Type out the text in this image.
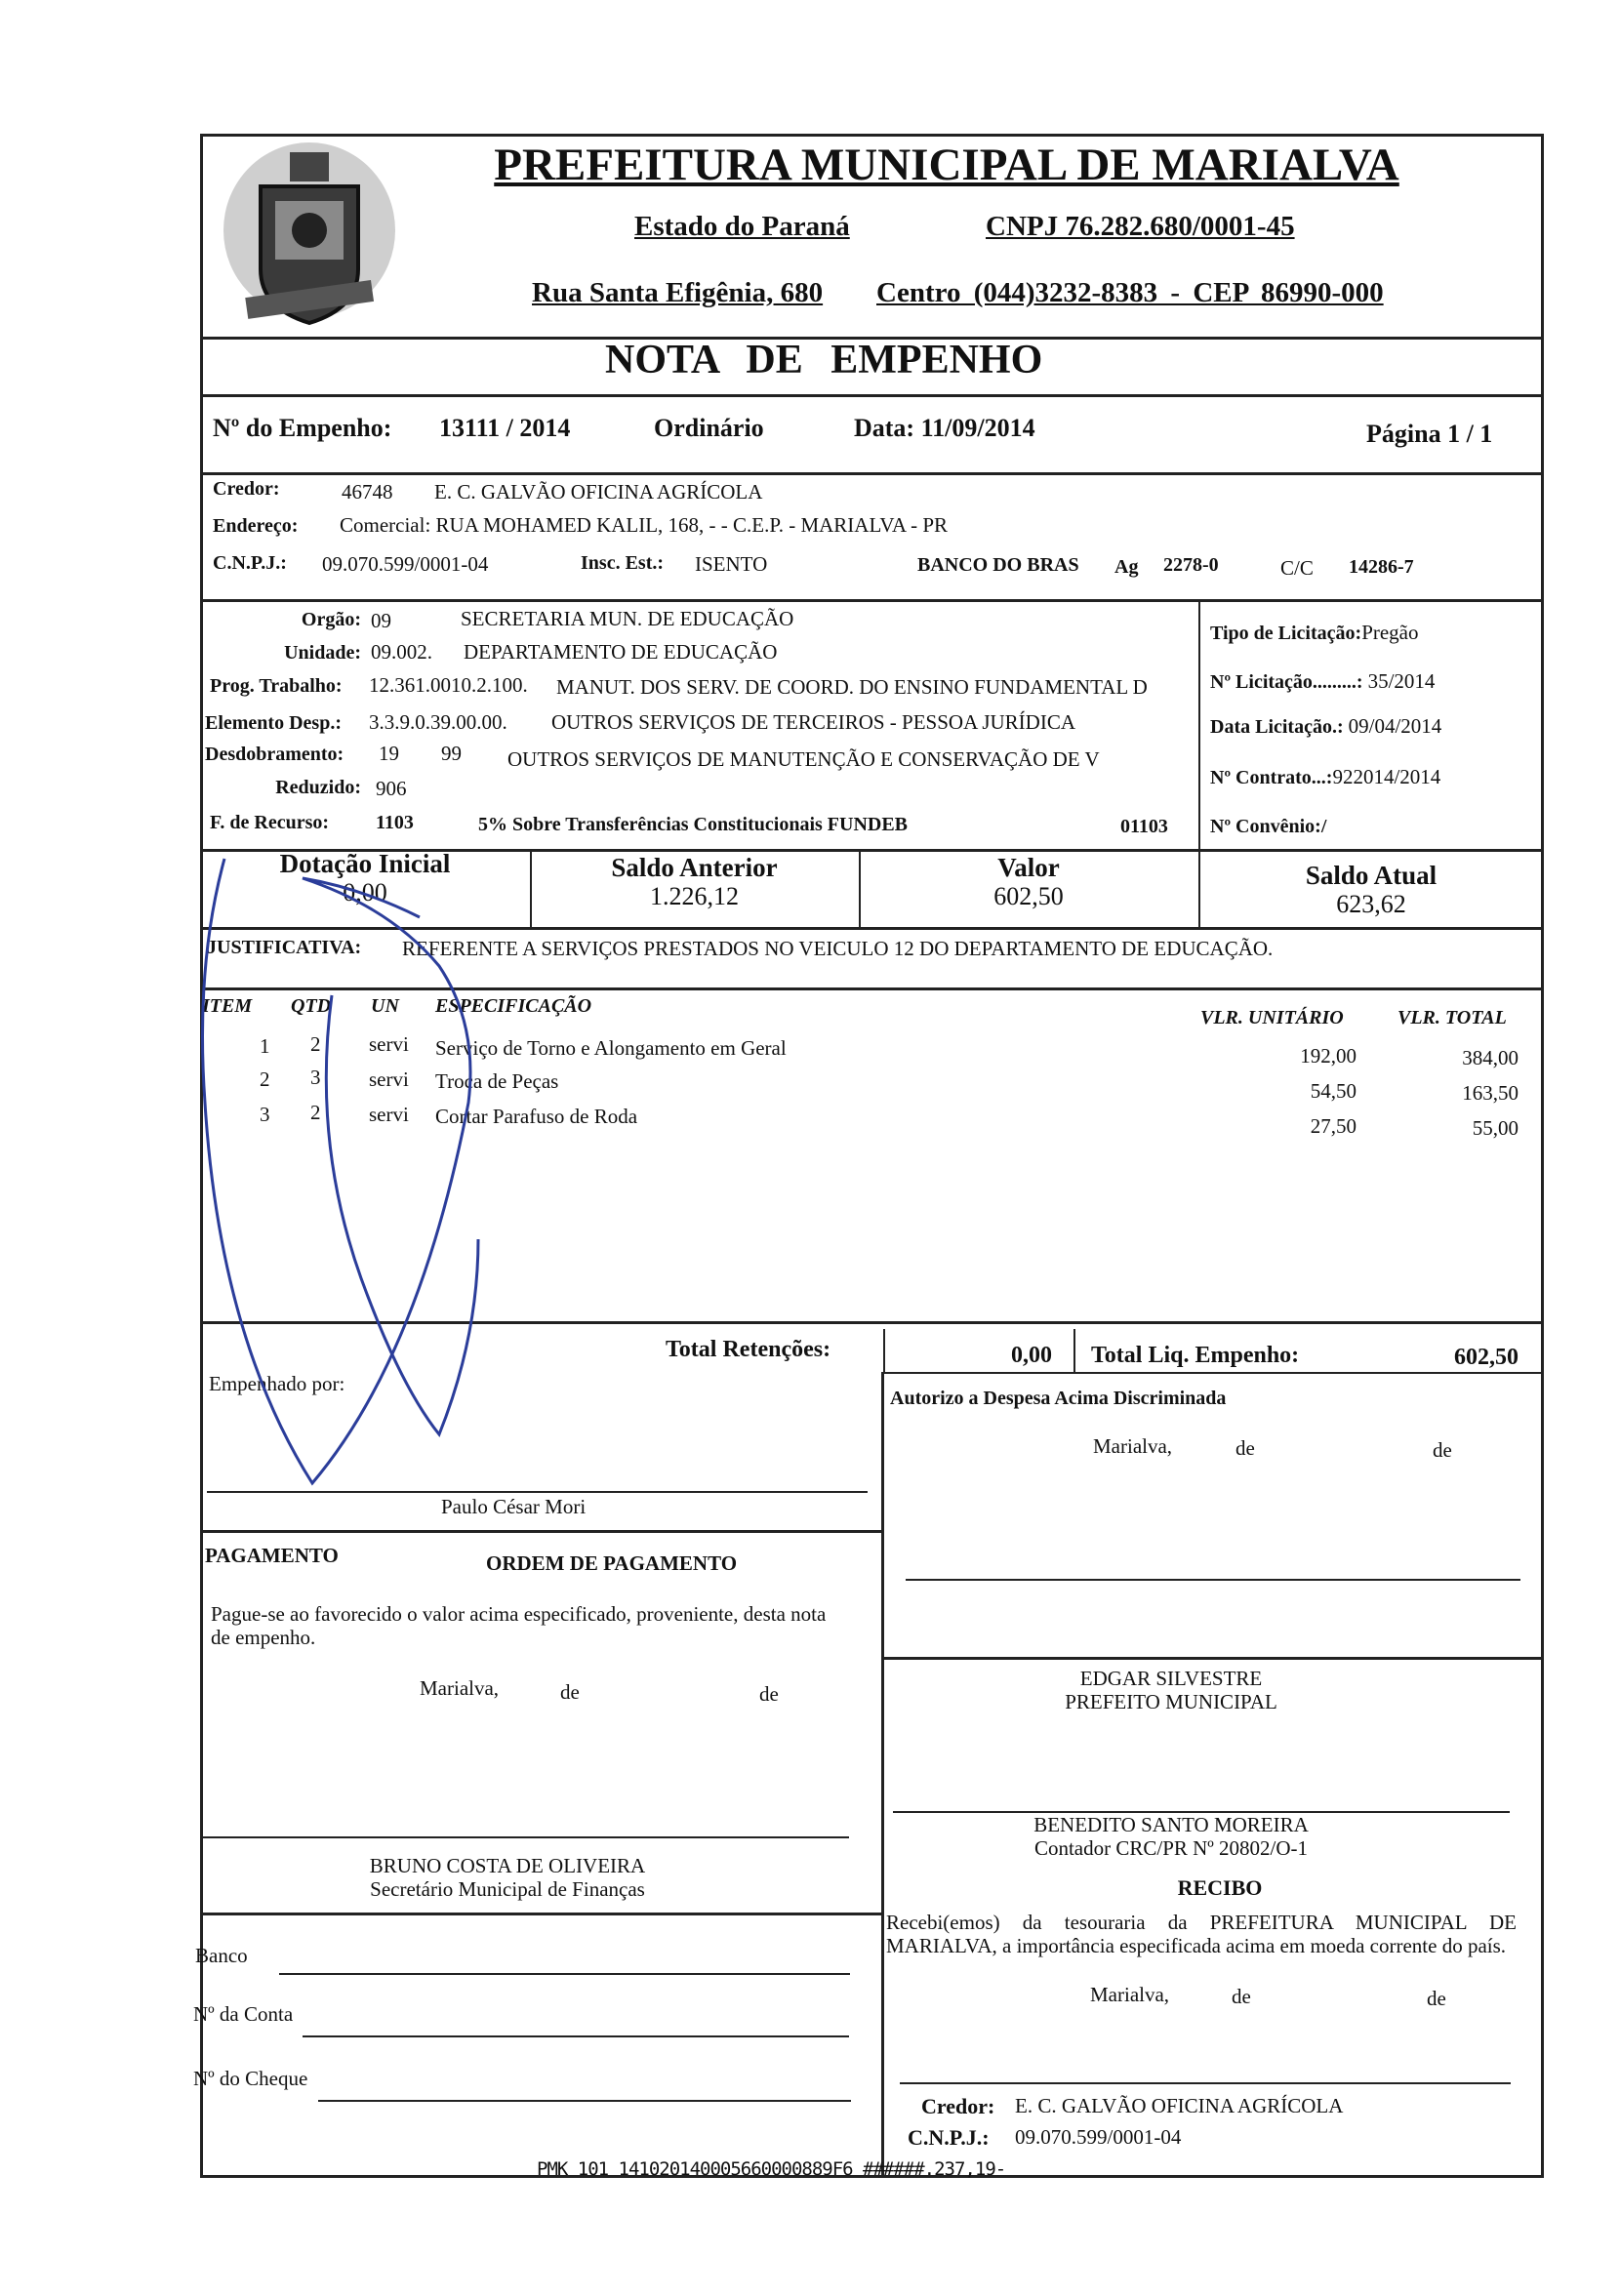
PREFEITURA MUNICIPAL DE MARIALVA
Estado do Paraná	CNPJ 76.282.680/0001-45
Rua Santa Efigênia, 680 Centro (044)3232-8383 - CEP 86990-000
NOTA DE EMPENHO
Nº do Empenho: 13111 / 2014	Ordinário	Data: 11/09/2014	Página 1 / 1
Credor:	46748 E. C. GALVÃO OFICINA AGRÍCOLA
Endereço: Comercial: RUA MOHAMED KALIL, 168, - - C.E.P. - MARIALVA - PR
C.N.P.J.: 09.070.599/0001-04	Insc. Est.: ISENTO	BANCO DO BRAS Ag 2278-0	C/C 14286-7
Orgão: 09	SECRETARIA MUN. DE EDUCAÇÃO
Unidade: 09.002. DEPARTAMENTO DE EDUCAÇÃO
Prog. Trabalho: 12.361.0010.2.100. MANUT. DOS SERV. DE COORD. DO ENSINO FUNDAMENTAL D
Elemento Desp.: 3.3.9.0.39.00.00. OUTROS SERVIÇOS DE TERCEIROS - PESSOA JURÍDICA
Desdobramento: 19 99 OUTROS SERVIÇOS DE MANUTENÇÃO E CONSERVAÇÃO DE V
Reduzido: 906
F. de Recurso: 1103	5% Sobre Transferências Constitucionais FUNDEB	01103
Tipo de Licitação:Pregão
Nº Licitação.........: 35/2014
Data Licitação.: 09/04/2014
Nº Contrato...:922014/2014
Nº Convênio:/
Dotação Inicial
0,00
Saldo Anterior
1.226,12
Valor
602,50
Saldo Atual
623,62
JUSTIFICATIVA: REFERENTE A SERVIÇOS PRESTADOS NO VEICULO 12 DO DEPARTAMENTO DE EDUCAÇÃO.
ITEM QTD UN ESPECIFICAÇÃO
VLR. UNITÁRIO	VLR. TOTAL
1 2 servi Serviço de Torno e Alongamento em Geral	192,00	384,00
2 3 servi Troca de Peças	54,50	163,50
3 2 servi Cortar Parafuso de Roda	27,50	55,00
Total Retenções:	0,00 Total Liq. Empenho:	602,50
Empenhado por:
Paulo César Mori
Autorizo a Despesa Acima Discriminada
Marialva,	de	de
EDGAR SILVESTRE
PREFEITO MUNICIPAL
BENEDITO SANTO MOREIRA
Contador CRC/PR Nº 20802/O-1
RECIBO
Recebi(emos) da tesouraria da PREFEITURA MUNICIPAL DE MARIALVA, a importância especificada acima em moeda corrente do país.
Marialva,	de	de
Credor: E. C. GALVÃO OFICINA AGRÍCOLA
C.N.P.J.: 09.070.599/0001-04
PAGAMENTO	ORDEM DE PAGAMENTO
Pague-se ao favorecido o valor acima especificado, proveniente, desta nota de empenho.
Marialva,	de	de
BRUNO COSTA DE OLIVEIRA
Secretário Municipal de Finanças
Banco
Nº da Conta
Nº do Cheque
PMK 101 141020140005660000889F6 ######.237,19-
